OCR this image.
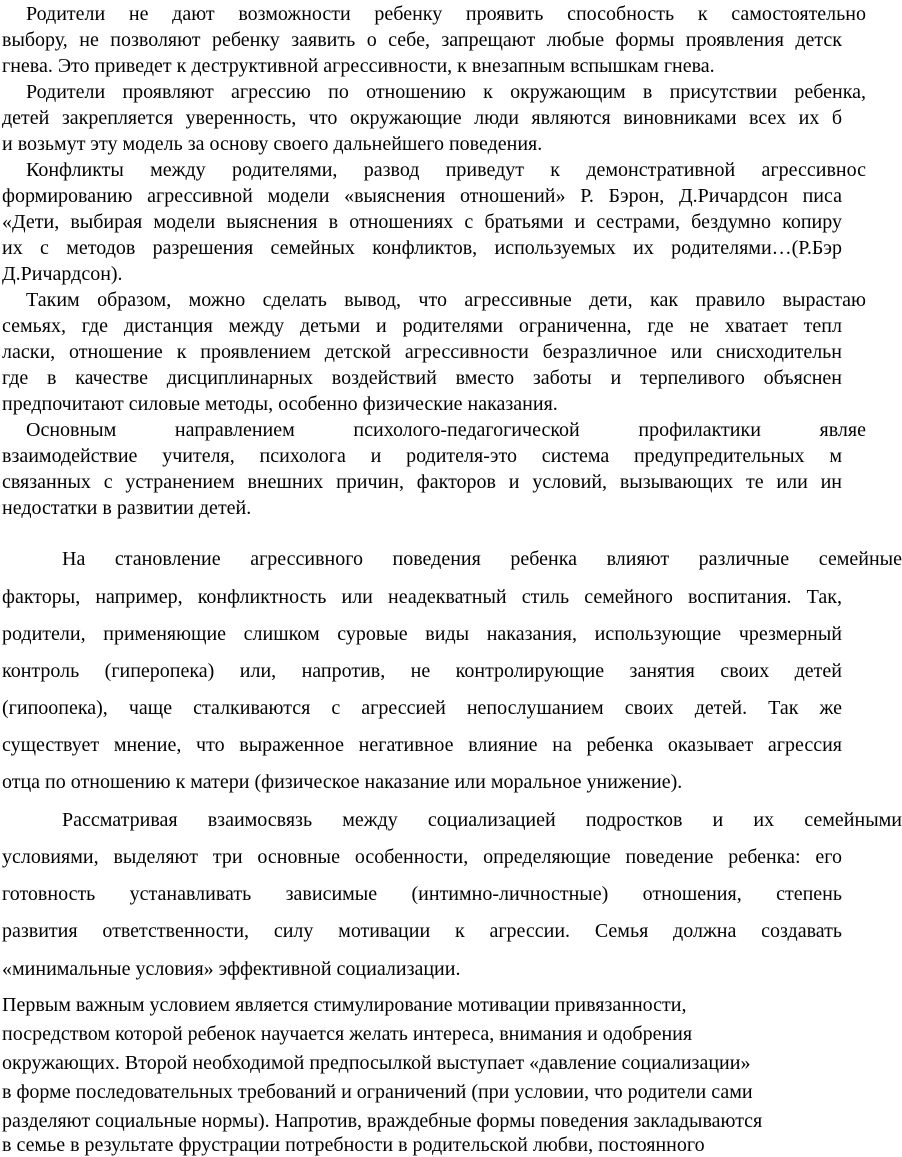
Родители не дают возможности ребенку проявить способность к самостоятельно

выбору, не позволяют ребенку заявить о себе, запрещают любые формы проявления детск

гнева. Это приведет к деструктивной агрессивности, к внезапным вспышкам гнева.

Родители проявляют агрессию по отношению к окружающим в присутствии ребенка,

детей закрепляется уверенность, что окружающие люди являются виновниками всех их б

и возьмут эту модель за основу своего дальнейшего поведения.

Конфликты между родителями, развод приведут к демонстративной агрессивнос

формированию агрессивной модели «выяснения отношений» Р. Бэрон, Д.Ричардсон писа

«Дети, выбирая модели выяснения в отношениях с братьями и сестрами, бездумно копиру

их с методов разрешения семейных конфликтов, используемых их родителями…(Р.Бэр

Д.Ричардсон).

Таким образом, можно сделать вывод, что агрессивные дети, как правило вырастаю

семьях, где дистанция между детьми и родителями ограниченна, где не хватает тепл

ласки, отношение к проявлением детской агрессивности безразличное или снисходительн

где в качестве дисциплинарных воздействий вместо заботы и терпеливого объяснен

предпочитают силовые методы, особенно физические наказания.

Основным направлением психолого-педагогической профилактики являе

взаимодействие учителя, психолога и родителя-это система предупредительных м

связанных с устранением внешних причин, факторов и условий, вызывающих те или ин

недостатки в развитии детей.

На становление агрессивного поведения ребенка влияют различные семейные

факторы, например, конфликтность или неадекватный стиль семейного воспитания. Так,

родители, применяющие слишком суровые виды наказания, использующие чрезмерный

контроль (гиперопека) или, напротив, не контролирующие занятия своих детей

(гипоопека), чаще сталкиваются с агрессией непослушанием своих детей. Так же

существует мнение, что выраженное негативное влияние на ребенка оказывает агрессия

отца по отношению к матери (физическое наказание или моральное унижение).

Рассматривая взаимосвязь между социализацией подростков и их семейными

условиями, выделяют три основные особенности, определяющие поведение ребенка: его

готовность устанавливать зависимые (интимно-личностные) отношения, степень

развития ответственности, силу мотивации к агрессии. Семья должна создавать

«минимальные условия» эффективной социализации.

Первым важным условием является стимулирование мотивации привязанности,

посредством которой ребенок научается желать интереса, внимания и одобрения

окружающих. Второй необходимой предпосылкой выступает «давление социализации»

в форме последовательных требований и ограничений (при условии, что родители сами

разделяют социальные нормы). Напротив, враждебные формы поведения закладываются

в семье в результате фрустрации потребности в родительской любви, постоянного
